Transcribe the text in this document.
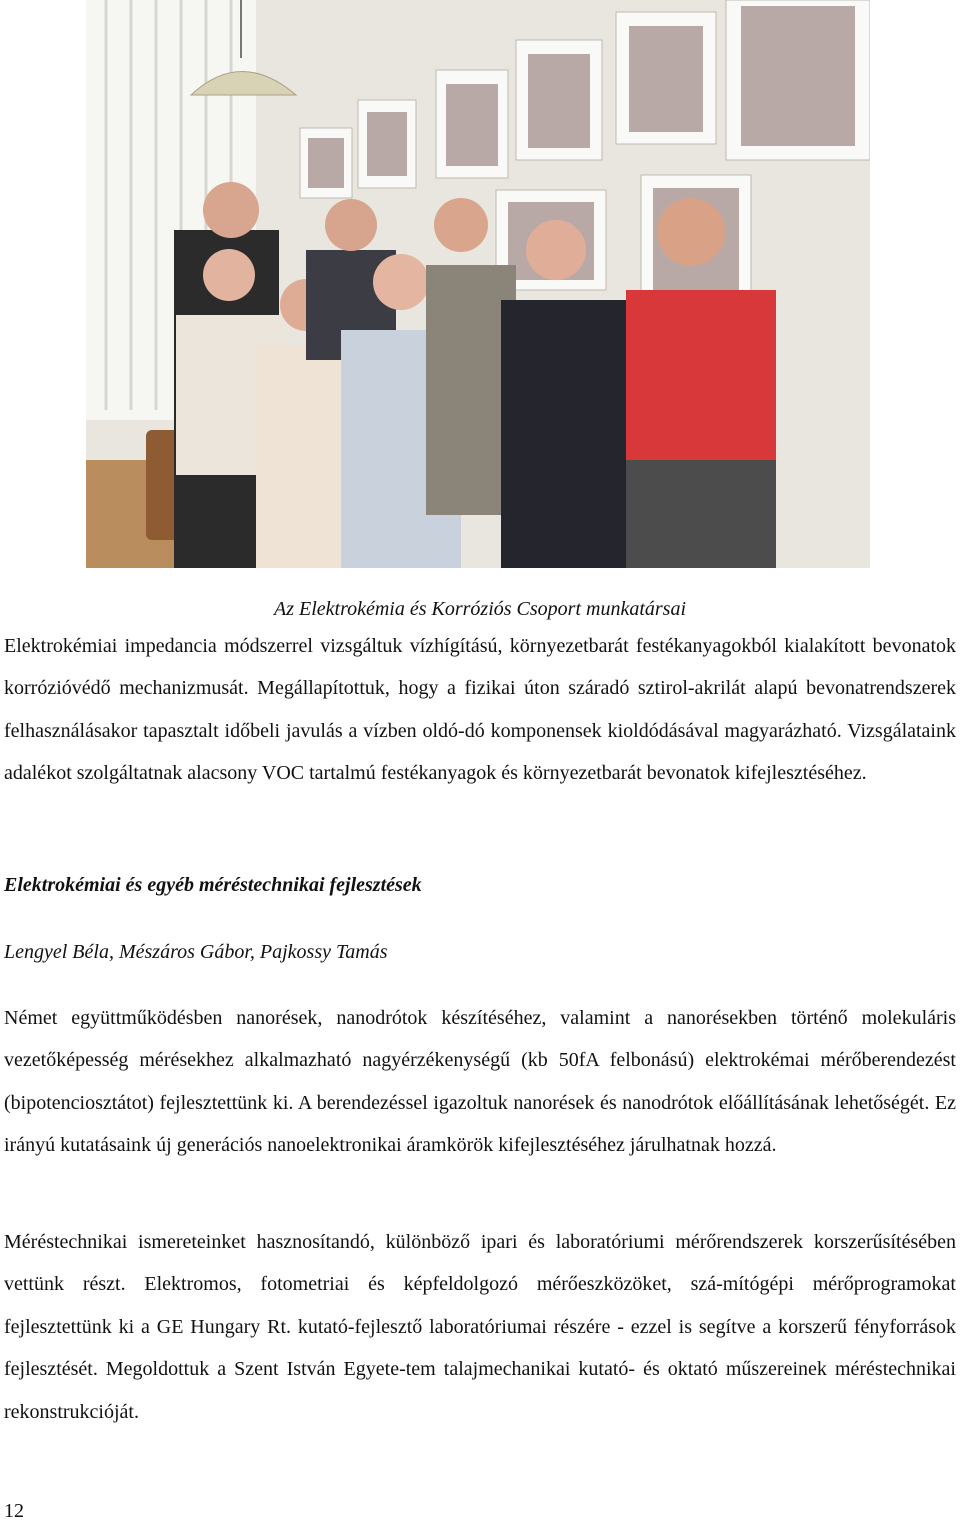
Az Elektrokémia és Korróziós Csoport munkatársai

Elektrokémiai impedancia módszerrel vizsgáltuk vízhígítású, környezetbarát festékanyagokból kialakított bevonatok korrózióvédő mechanizmusát. Megállapítottuk, hogy a fizikai úton száradó sztirol-akrilát alapú bevonatrendszerek felhasználásakor tapasztalt időbeli javulás a vízben oldó-dó komponensek kioldódásával magyarázható. Vizsgálataink adalékot szolgáltatnak alacsony VOC tartalmú festékanyagok és környezetbarát bevonatok kifejlesztéséhez.

Elektrokémiai és egyéb méréstechnikai fejlesztések
Lengyel Béla, Mészáros Gábor, Pajkossy Tamás

Német együttműködésben nanorések, nanodrótok készítéséhez, valamint a nanorésekben történő molekuláris vezetőképesség mérésekhez alkalmazható nagyérzékenységű (kb 50fA felbonású) elektrokémai mérőberendezést (bipotenciosztátot) fejlesztettünk ki. A berendezéssel igazoltuk nanorések és nanodrótok előállításának lehetőségét. Ez irányú kutatásaink új generációs nanoelektronikai áramkörök kifejlesztéséhez járulhatnak hozzá.

Méréstechnikai ismereteinket hasznosítandó, különböző ipari és laboratóriumi mérőrendszerek korszerűsítésében vettünk részt. Elektromos, fotometriai és képfeldolgozó mérőeszközöket, szá-mítógépi mérőprogramokat fejlesztettünk ki a GE Hungary Rt. kutató-fejlesztő laboratóriumai részére - ezzel is segítve a korszerű fényforrások fejlesztését. Megoldottuk a Szent István Egyete-tem talajmechanikai kutató- és oktató műszereinek méréstechnikai rekonstrukcióját.

12
